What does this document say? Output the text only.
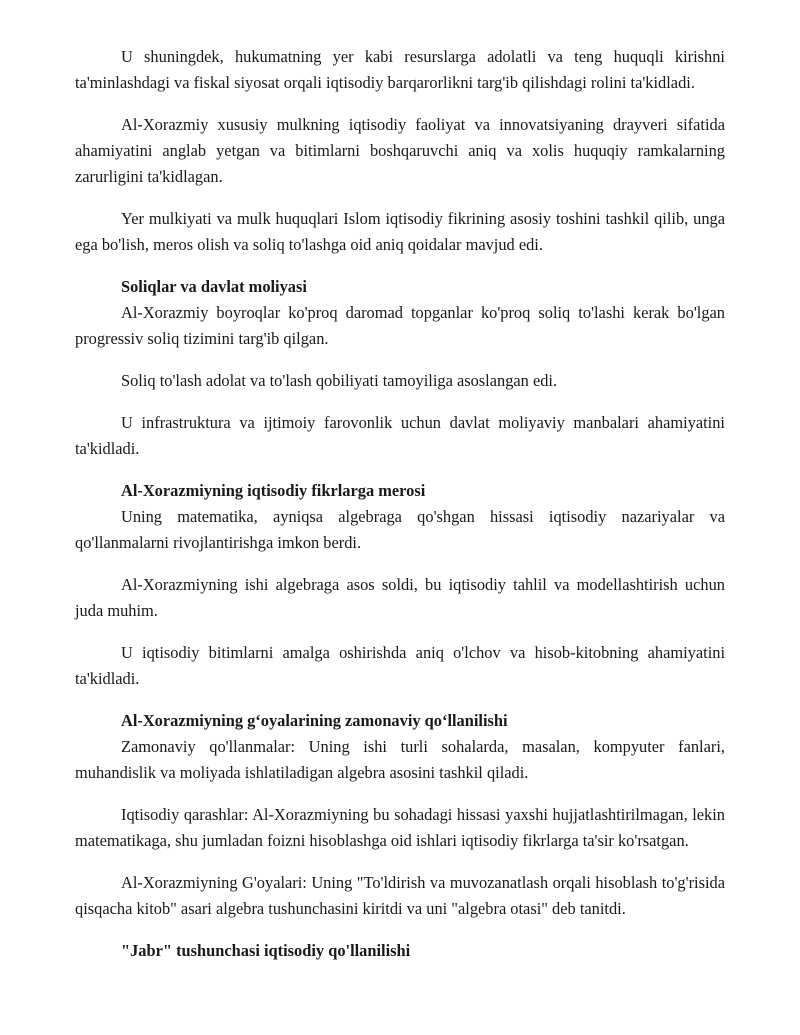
U shuningdek, hukumatning yer kabi resurslarga adolatli va teng huquqli kirishni ta'minlashdagi va fiskal siyosat orqali iqtisodiy barqarorlikni targ'ib qilishdagi rolini ta'kidladi.

Al-Xorazmiy xususiy mulkning iqtisodiy faoliyat va innovatsiyaning drayveri sifatida ahamiyatini anglab yetgan va bitimlarni boshqaruvchi aniq va xolis huquqiy ramkalarning zarurligini ta'kidlagan.

Yer mulkiyati va mulk huquqlari Islom iqtisodiy fikrining asosiy toshini tashkil qilib, unga ega bo'lish, meros olish va soliq to'lashga oid aniq qoidalar mavjud edi.

Soliqlar va davlat moliyasi

Al-Xorazmiy boyroqlar ko'proq daromad topganlar ko'proq soliq to'lashi kerak bo'lgan progressiv soliq tizimini targ'ib qilgan.

Soliq to'lash adolat va to'lash qobiliyati tamoyiliga asoslangan edi.

U infrastruktura va ijtimoiy farovonlik uchun davlat moliyaviy manbalari ahamiyatini ta'kidladi.

Al-Xorazmiyning iqtisodiy fikrlarga merosi

Uning matematika, ayniqsa algebraga qo'shgan hissasi iqtisodiy nazariyalar va qo'llanmalarni rivojlantirishga imkon berdi.

Al-Xorazmiyning ishi algebraga asos soldi, bu iqtisodiy tahlil va modellashtirish uchun juda muhim.

U iqtisodiy bitimlarni amalga oshirishda aniq o'lchov va hisob-kitobning ahamiyatini ta'kidladi.

Al-Xorazmiyning g‘oyalarining zamonaviy qo‘llanilishi

Zamonaviy qo'llanmalar: Uning ishi turli sohalarda, masalan, kompyuter fanlari, muhandislik va moliyada ishlatiladigan algebra asosini tashkil qiladi.

Iqtisodiy qarashlar: Al-Xorazmiyning bu sohadagi hissasi yaxshi hujjatlashtirilmagan, lekin matematikaga, shu jumladan foizni hisoblashga oid ishlari iqtisodiy fikrlarga ta'sir ko'rsatgan.

Al-Xorazmiyning G'oyalari: Uning "To'ldirish va muvozanatlash orqali hisoblash to'g'risida qisqacha kitob" asari algebra tushunchasini kiritdi va uni "algebra otasi" deb tanitdi.

"Jabr" tushunchasi iqtisodiy qo'llanilishi
